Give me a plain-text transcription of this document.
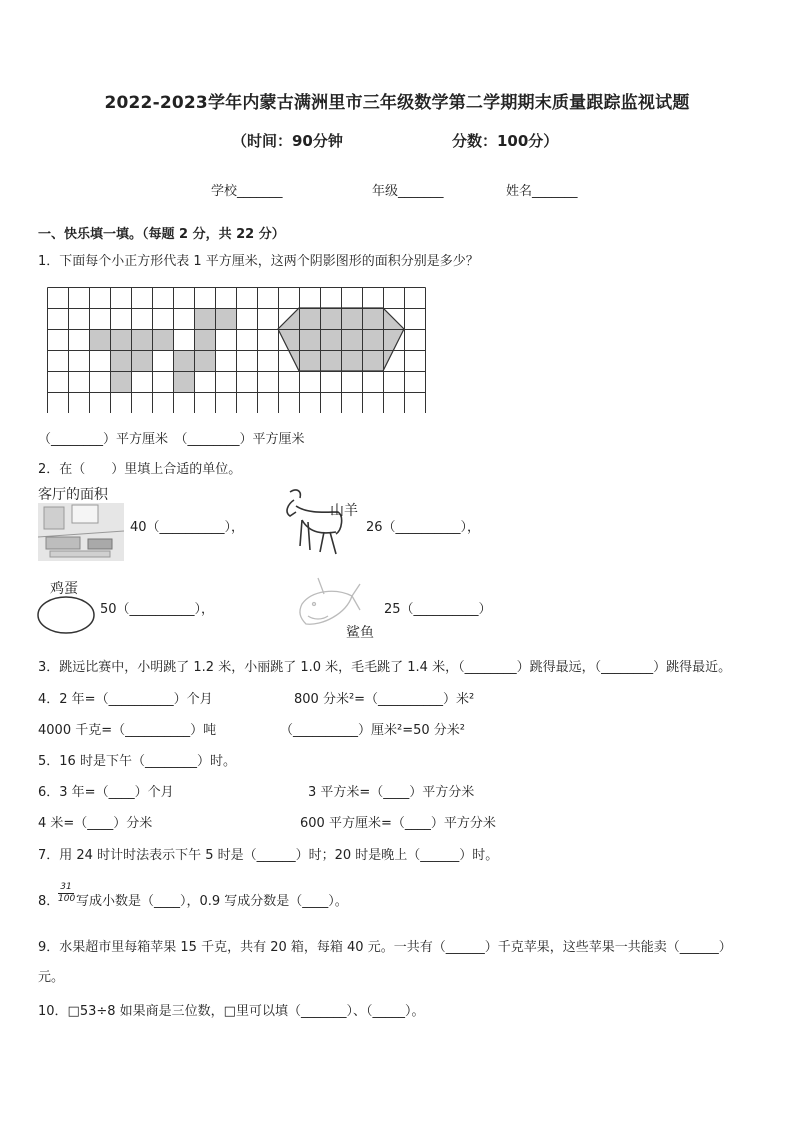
2022-2023学年内蒙古满洲里市三年级数学第二学期期末质量跟踪监视试题
（时间：90分钟	分数：100分）
学校_______	年级_______	姓名_______
一、快乐填一填。（每题 2 分，共 22 分）
1．下面每个小正方形代表 1 平方厘米，这两个阴影图形的面积分别是多少？
（________）平方厘米　（________）平方厘米
2．在（　　）里填上合适的单位。
客厅的面积
40（__________），
山羊
26（__________），
鸡蛋
50（__________），
鲨鱼
25（__________）
3．跳远比赛中，小明跳了 1.2 米，小丽跳了 1.0 米，毛毛跳了 1.4 米，（________）跳得最远，（________）跳得最近。
4．2 年=（__________）个月	800 分米²=（__________）米²
4000 千克=（__________）吨	（__________）厘米²=50 分米²
5．16 时是下午（________）时。
6．3 年=（____）个月	3 平方米=（____）平方分米
4 米=（____）分米	600 平方厘米=（____）平方分米
7．用 24 时计时法表示下午 5 时是（______）时；20 时是晚上（______）时。
8．
$\frac{31}{100}$ 写成小数是（____），0.9 写成分数是（____）。
9．水果超市里每箱苹果 15 千克，共有 20 箱，每箱 40 元。一共有（______）千克苹果，这些苹果一共能卖（______）
元。
10．□53÷8 如果商是三位数，□里可以填（_______）、（_____）。
